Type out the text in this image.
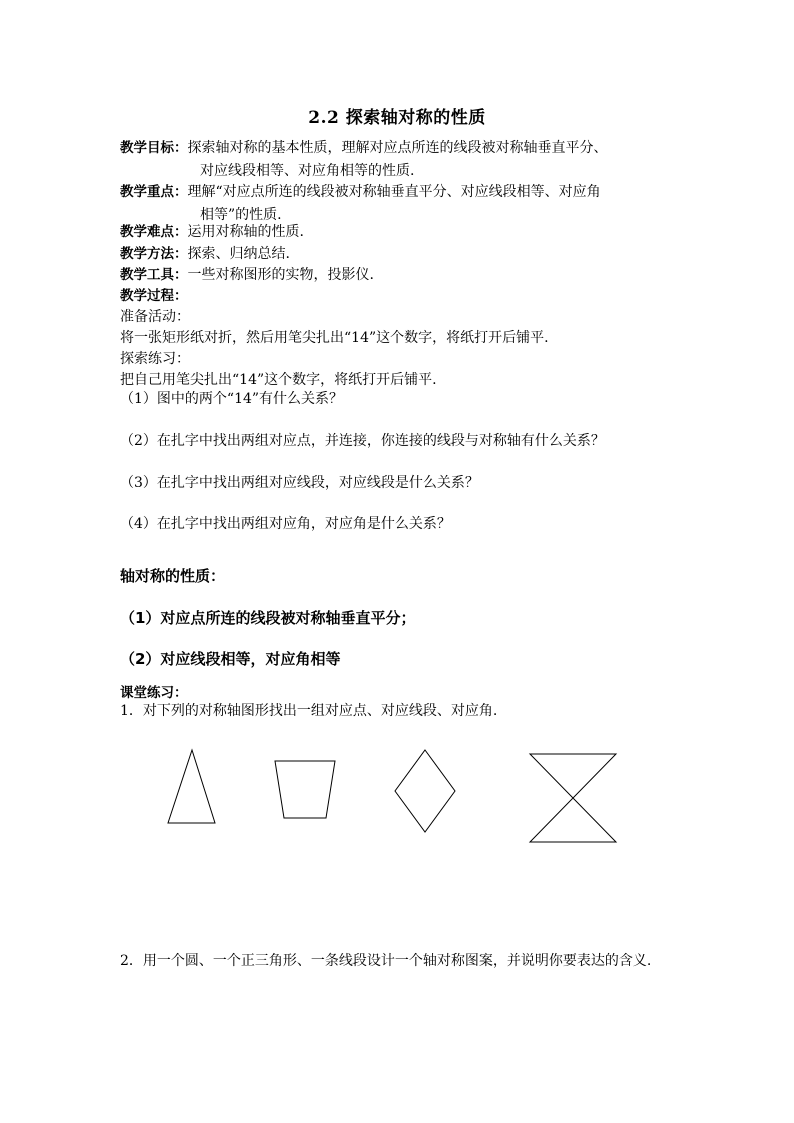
2.2 探索轴对称的性质
教学目标：探索轴对称的基本性质，理解对应点所连的线段被对称轴垂直平分、
对应线段相等、对应角相等的性质.
教学重点：理解“对应点所连的线段被对称轴垂直平分、对应线段相等、对应角
相等”的性质.
教学难点：运用对称轴的性质.
教学方法：探索、归纳总结.
教学工具：一些对称图形的实物，投影仪.
教学过程：
准备活动：
将一张矩形纸对折，然后用笔尖扎出“14”这个数字，将纸打开后铺平.
探索练习：
把自己用笔尖扎出“14”这个数字，将纸打开后铺平.
（1）图中的两个“14”有什么关系？
（2）在扎字中找出两组对应点，并连接，你连接的线段与对称轴有什么关系？
（3）在扎字中找出两组对应线段，对应线段是什么关系？
（4）在扎字中找出两组对应角，对应角是什么关系？
轴对称的性质：
（1）对应点所连的线段被对称轴垂直平分；
（2）对应线段相等，对应角相等
课堂练习：
1．对下列的对称轴图形找出一组对应点、对应线段、对应角.
2．用一个圆、一个正三角形、一条线段设计一个轴对称图案，并说明你要表达的含义.
